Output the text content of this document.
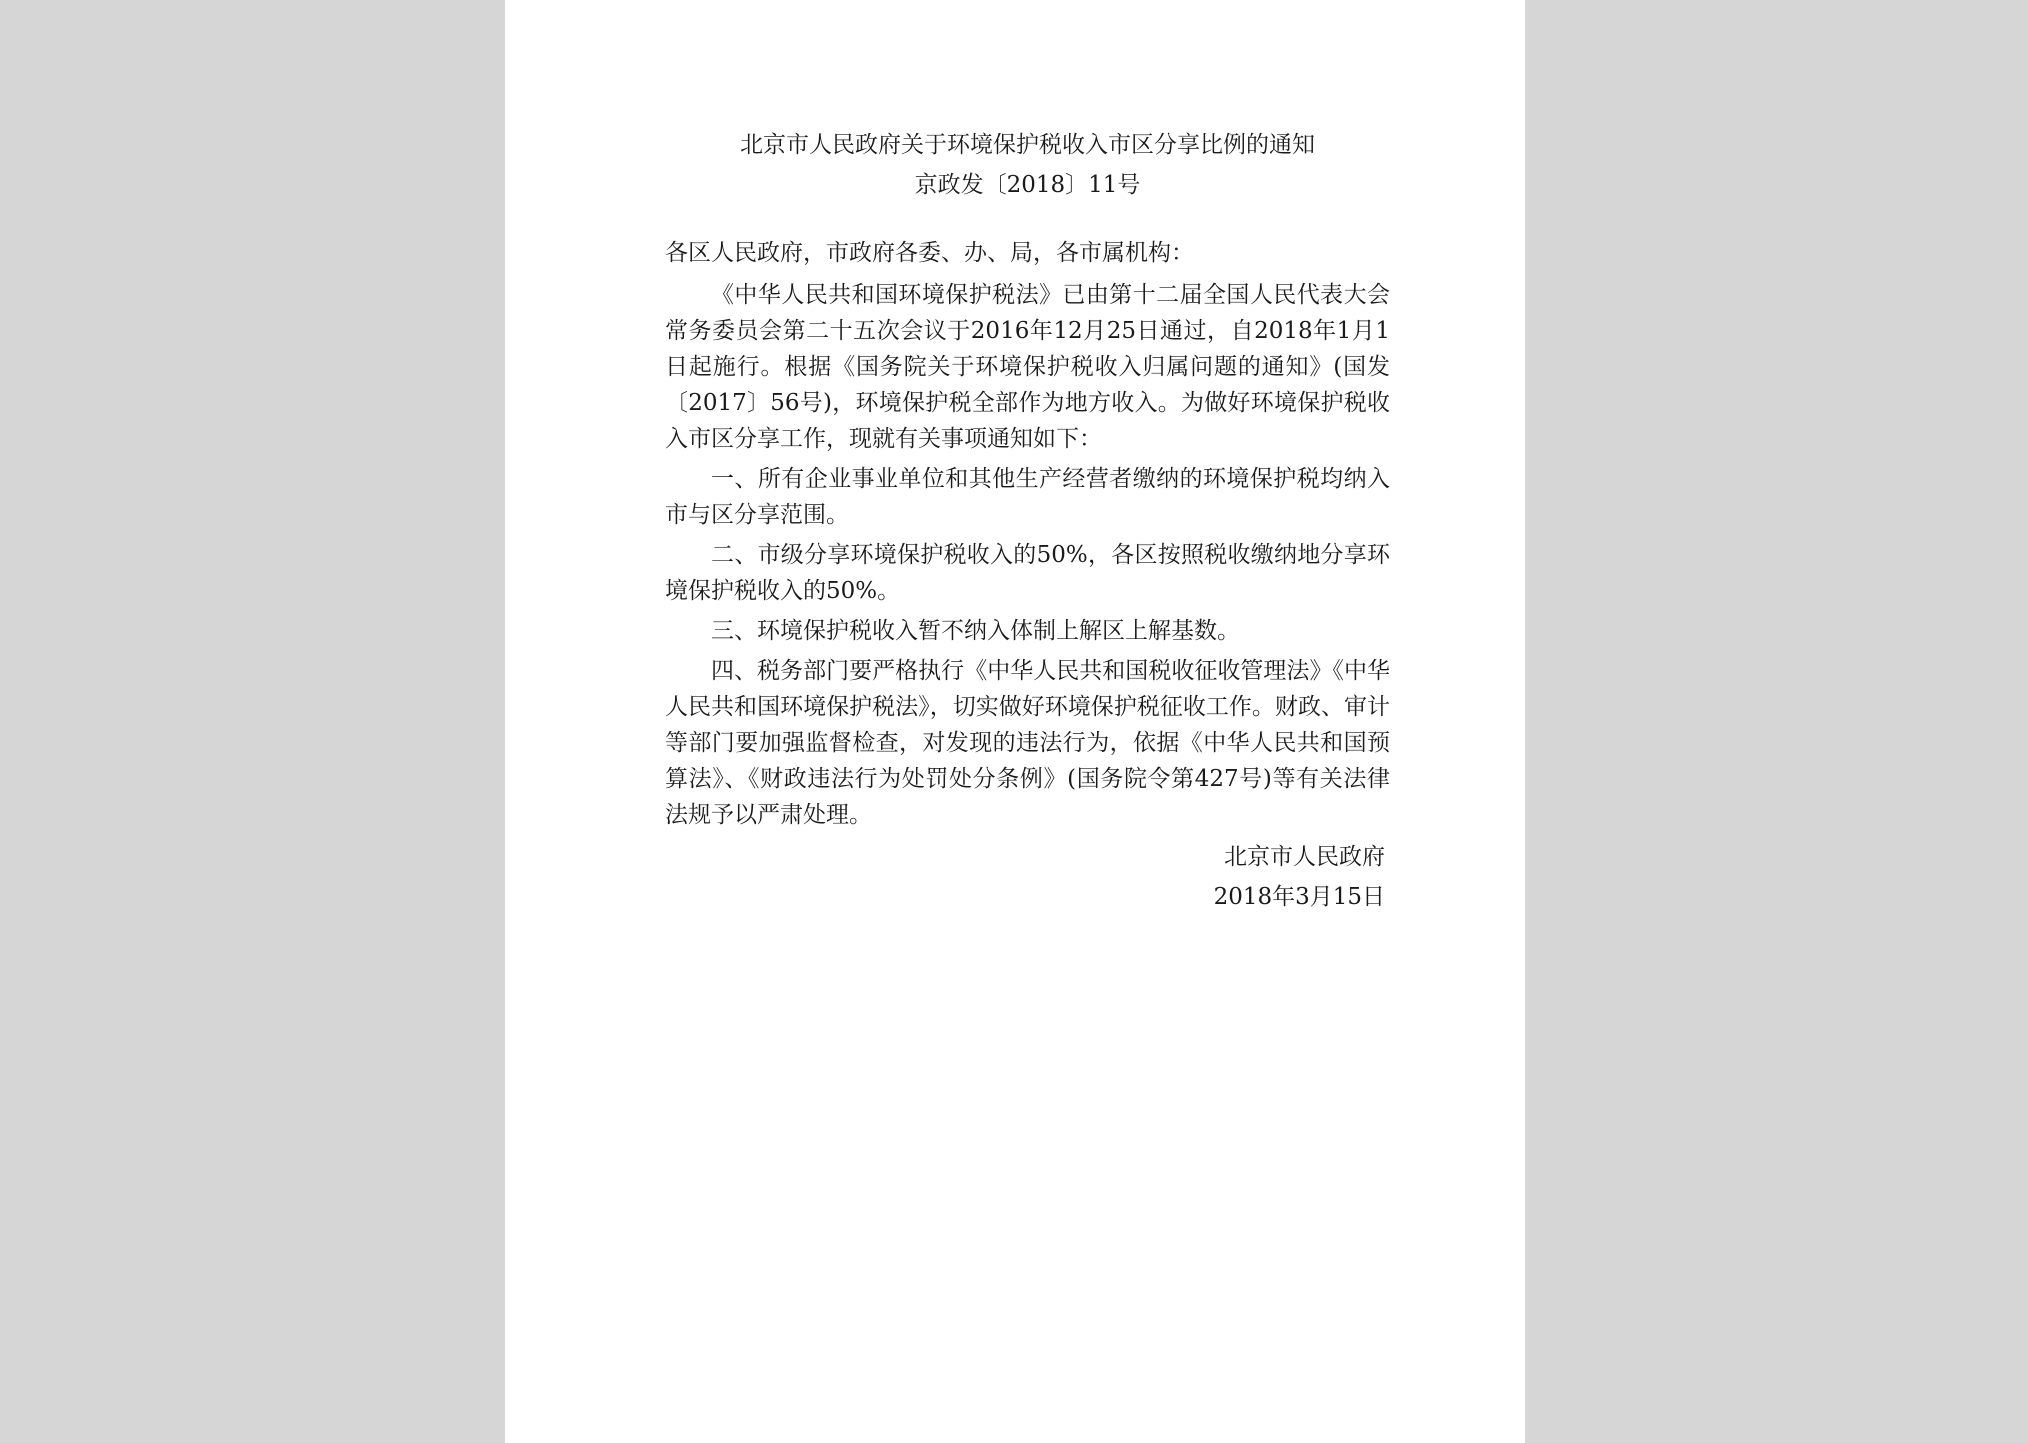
北京市人民政府关于环境保护税收入市区分享比例的通知

京政发〔2018〕11号

各区人民政府，市政府各委、办、局，各市属机构：

《中华人民共和国环境保护税法》已由第十二届全国人民代表大会常务委员会第二十五次会议于2016年12月25日通过，自2018年1月1日起施行。根据《国务院关于环境保护税收入归属问题的通知》(国发〔2017〕56号)，环境保护税全部作为地方收入。为做好环境保护税收入市区分享工作，现就有关事项通知如下：

一、所有企业事业单位和其他生产经营者缴纳的环境保护税均纳入市与区分享范围。

二、市级分享环境保护税收入的50%，各区按照税收缴纳地分享环境保护税收入的50%。

三、环境保护税收入暂不纳入体制上解区上解基数。

四、税务部门要严格执行《中华人民共和国税收征收管理法》《中华人民共和国环境保护税法》，切实做好环境保护税征收工作。财政、审计等部门要加强监督检查，对发现的违法行为，依据《中华人民共和国预算法》、《财政违法行为处罚处分条例》(国务院令第427号)等有关法律法规予以严肃处理。

北京市人民政府

2018年3月15日
